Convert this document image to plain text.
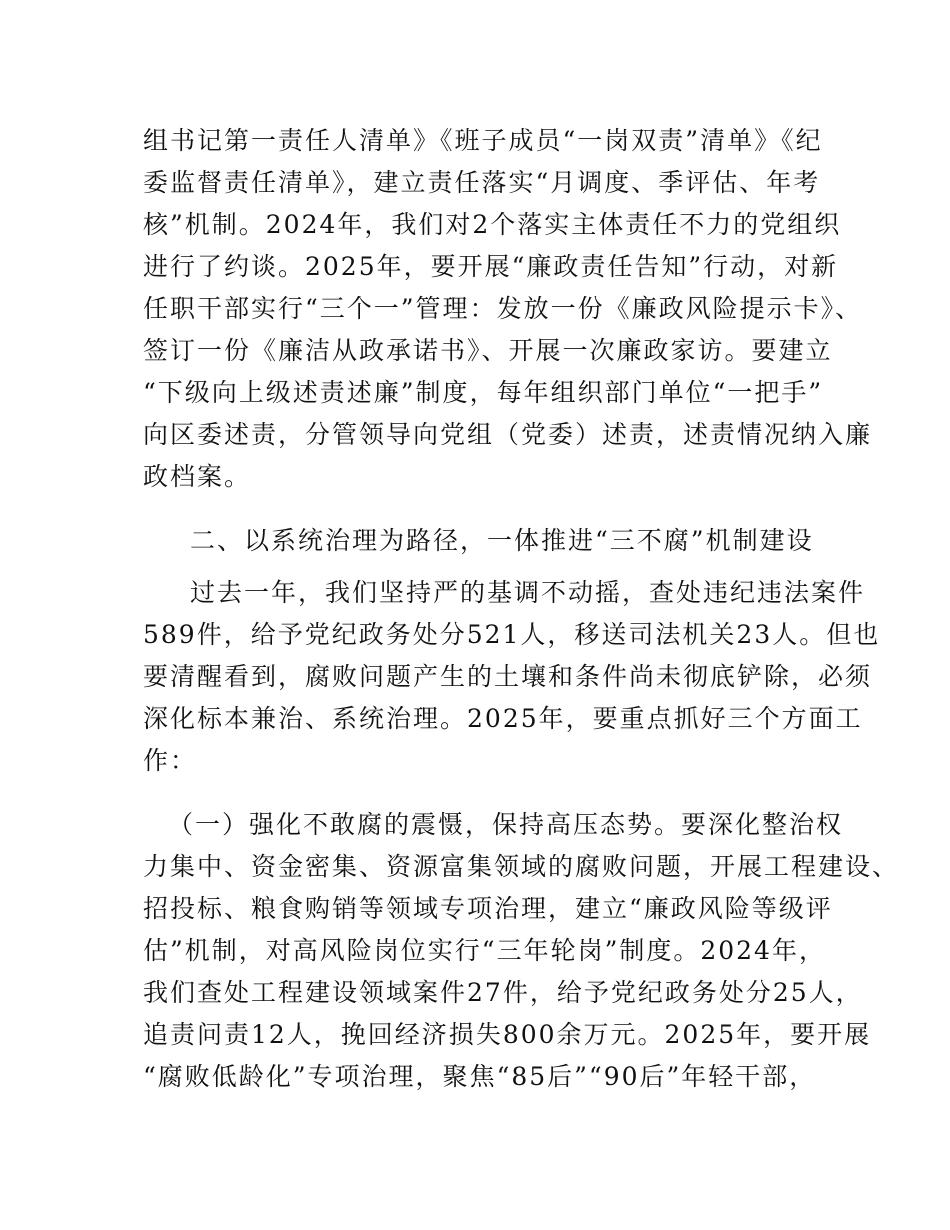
组书记第一责任人清单》《班子成员“一岗双责”清单》《纪
委监督责任清单》，建立责任落实“月调度、季评估、年考
核”机制。2024年，我们对2个落实主体责任不力的党组织
进行了约谈。2025年，要开展“廉政责任告知”行动，对新
任职干部实行“三个一”管理：发放一份《廉政风险提示卡》、
签订一份《廉洁从政承诺书》、开展一次廉政家访。要建立
“下级向上级述责述廉”制度，每年组织部门单位“一把手”
向区委述责，分管领导向党组（党委）述责，述责情况纳入廉
政档案。
二、以系统治理为路径，一体推进“三不腐”机制建设
过去一年，我们坚持严的基调不动摇，查处违纪违法案件
589件，给予党纪政务处分521人，移送司法机关23人。但也
要清醒看到，腐败问题产生的土壤和条件尚未彻底铲除，必须
深化标本兼治、系统治理。2025年，要重点抓好三个方面工
作：
（一）强化不敢腐的震慑，保持高压态势。要深化整治权
力集中、资金密集、资源富集领域的腐败问题，开展工程建设、
招投标、粮食购销等领域专项治理，建立“廉政风险等级评
估”机制，对高风险岗位实行“三年轮岗”制度。2024年，
我们查处工程建设领域案件27件，给予党纪政务处分25人，
追责问责12人，挽回经济损失800余万元。2025年，要开展
“腐败低龄化”专项治理，聚焦“85后”“90后”年轻干部，
